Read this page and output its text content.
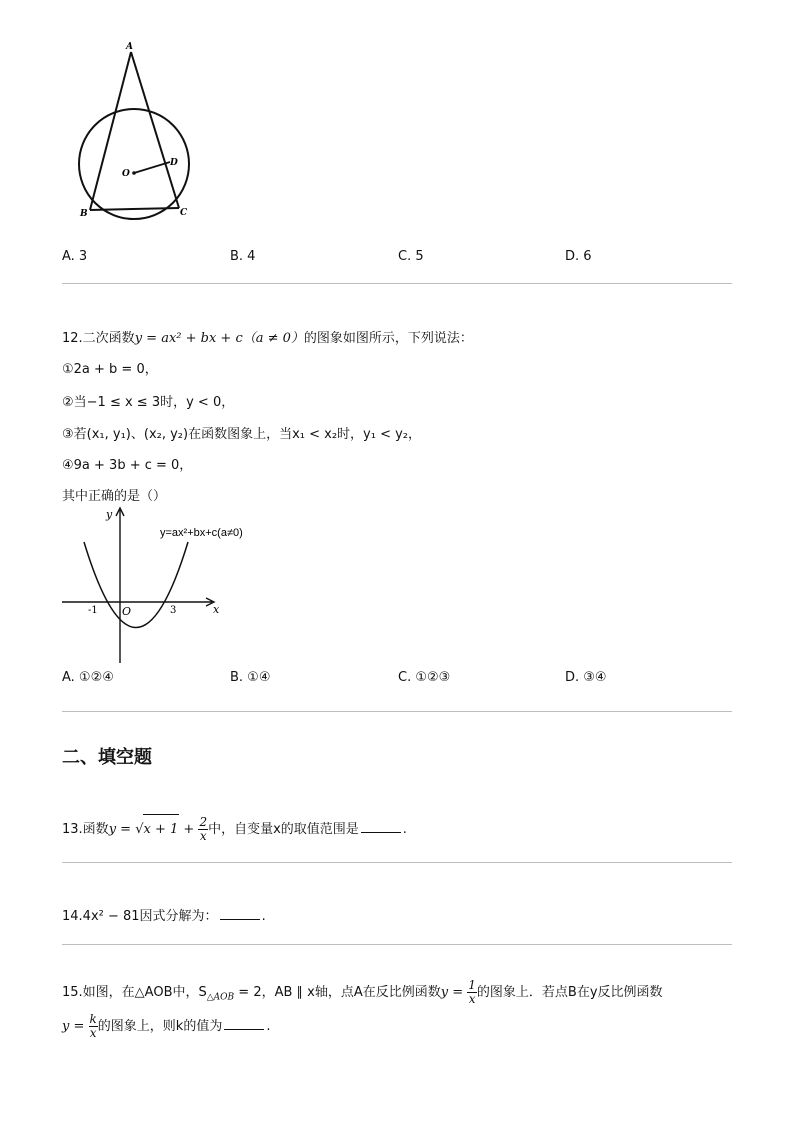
A
O
D
B	C
A. 3	B. 4	C. 5	D. 6
12.二次函数y = ax² + bx + c（a ≠ 0）的图象如图所示，下列说法：
①2a + b = 0，
②当−1 ≤ x ≤ 3时，y < 0，
③若(x₁, y₁)、(x₂, y₂)在函数图象上，当x₁ < x₂时，y₁ < y₂，
④9a + 3b + c = 0，
其中正确的是（）
y
x
O
-1	3
y=ax²+bx+c(a≠0)
A. ①②④	B. ①④	C. ①②③	D. ③④
二、填空题
13.函数$y = √x + 1 + \frac{2}{x}$ 中，自变量x的取值范围是	.
14.4x² − 81因式分解为：	.
15.如图，在△AOB中，$S_{\triangle AOB} = 2$，AB ∥ x轴，点A在反比例函数$y = \frac{1}{x}$ 的图象上．若点B在y反比例函数
$y = \frac{k}{x}$ 的图象上，则k的值为	.
